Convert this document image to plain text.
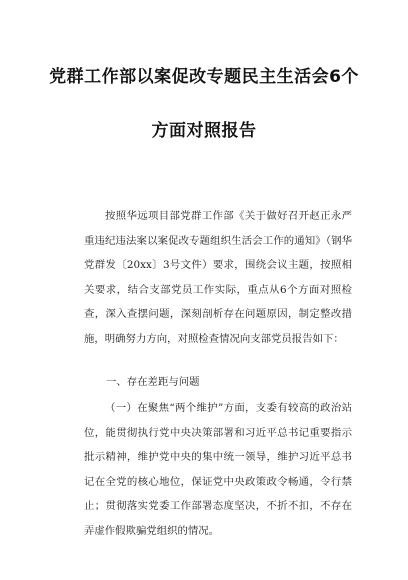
党群工作部以案促改专题民主生活会6个
方面对照报告
按照华远项目部党群工作部《关于做好召开赵正永严重违纪违法案以案促改专题组织生活会工作的通知》（钢华党群发〔20xx〕3号文件）要求，围绕会议主题，按照相关要求，结合支部党员工作实际，重点从6个方面对照检查，深入查摆问题，深刻剖析存在问题原因，制定整改措施，明确努力方向，对照检查情况向支部党员报告如下：
一、存在差距与问题
（一）在聚焦“两个维护”方面，支委有较高的政治站位，能贯彻执行党中央决策部署和习近平总书记重要指示批示精神，维护党中央的集中统一领导，维护习近平总书记在全党的核心地位，保证党中央政策政令畅通，令行禁止；贯彻落实党委工作部署态度坚决，不折不扣，不存在弄虚作假欺骗党组织的情况。
